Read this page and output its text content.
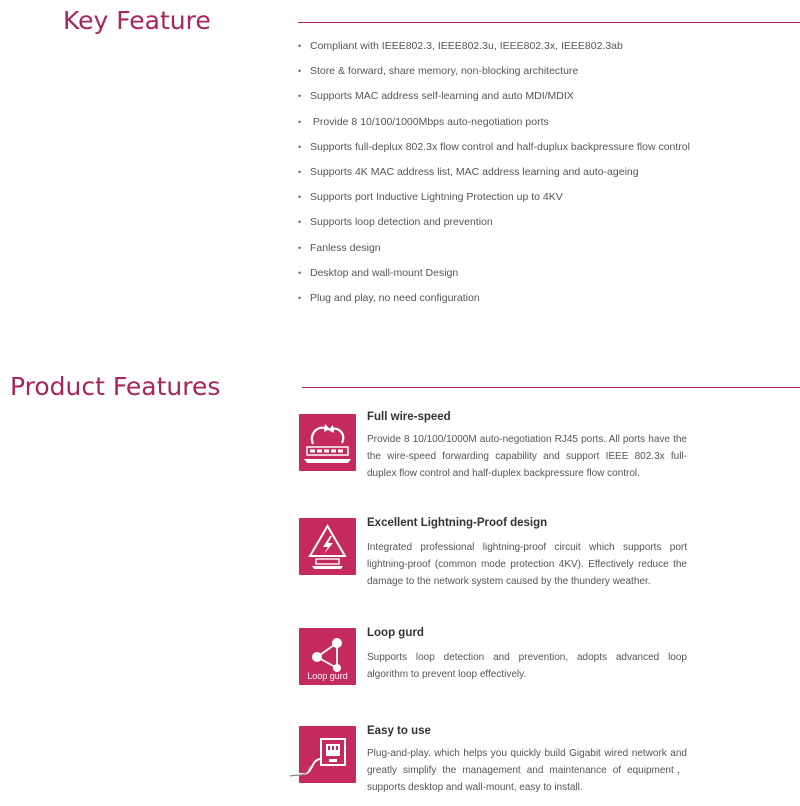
Key Feature
• Compliant with IEEE802.3, IEEE802.3u, IEEE802.3x, IEEE802.3ab
• Store & forward, share memory, non-blocking architecture
• Supports MAC address self-learning and auto MDI/MDIX
• Provide 8 10/100/1000Mbps auto-negotiation ports
• Supports full-deplux 802.3x flow control and half-duplux backpressure flow control
• Supports 4K MAC address list, MAC address learning and auto-ageing
• Supports port Inductive Lightning Protection up to 4KV
• Supports loop detection and prevention
• Fanless design
• Desktop and wall-mount Design
• Plug and play, no need configuration
Product Features
Full wire-speed

Provide 8 10/100/1000M auto-negotiation RJ45 ports. All ports have the the wire-speed forwarding capability and support IEEE 802.3x full-duplex flow control and half-duplex backpressure flow control.

Excellent Lightning-Proof design

Integrated professional lightning-proof circuit which supports port lightning-proof (common mode protection 4KV). Effectively reduce the damage to the network system caused by the thundery weather.

Loop gurd
Loop gurd

Supports loop detection and prevention, adopts advanced loop algorithm to prevent loop effectively.

Easy to use

Plug-and-play. which helps you quickly build Gigabit wired network and greatly simplify the management and maintenance of equipment，supports desktop and wall-mount, easy to install.
